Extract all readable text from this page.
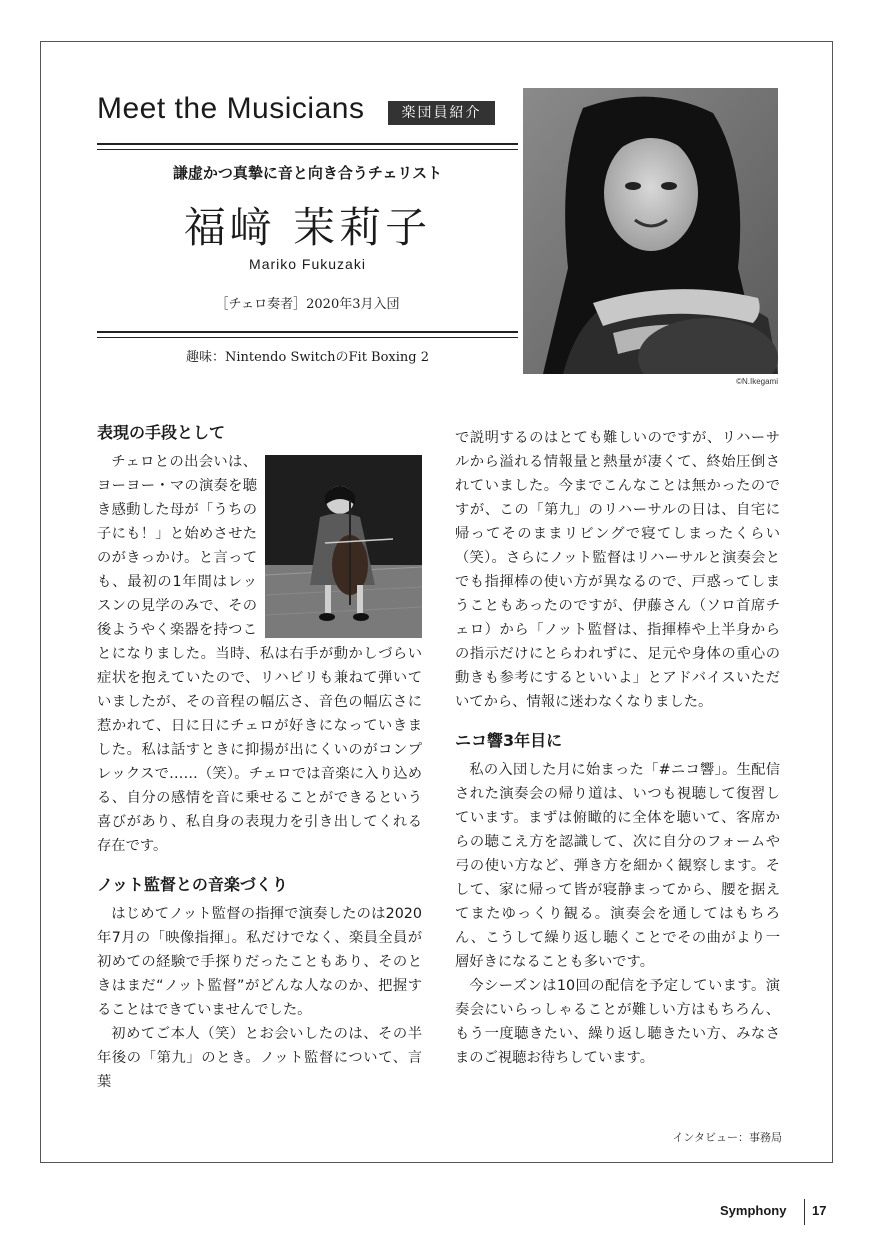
Meet the Musicians	楽団員紹介
謙虚かつ真摯に音と向き合うチェリスト
福﨑 茉莉子
Mariko Fukuzaki
［チェロ奏者］2020年3月入団
趣味：Nintendo SwitchのFit Boxing 2
©N.Ikegami
表現の手段として

チェロとの出会いは、ヨーヨー・マの演奏を聴き感動した母が「うちの子にも！」と始めさせたのがきっかけ。と言っても、最初の1年間はレッスンの見学のみで、その後ようやく楽器を持つことになりました。当時、私は右手が動かしづらい症状を抱えていたので、リハビリも兼ねて弾いていましたが、その音程の幅広さ、音色の幅広さに惹かれて、日に日にチェロが好きになっていきました。私は話すときに抑揚が出にくいのがコンプレックスで……（笑）。チェロでは音楽に入り込める、自分の感情を音に乗せることができるという喜びがあり、私自身の表現力を引き出してくれる存在です。

ノット監督との音楽づくり

はじめてノット監督の指揮で演奏したのは2020年7月の「映像指揮」。私だけでなく、楽員全員が初めての経験で手探りだったこともあり、そのときはまだ“ノット監督”がどんな人なのか、把握することはできていませんでした。

初めてご本人（笑）とお会いしたのは、その半年後の「第九」のとき。ノット監督について、言葉

で説明するのはとても難しいのですが、リハーサルから溢れる情報量と熱量が凄くて、終始圧倒されていました。今までこんなことは無かったのですが、この「第九」のリハーサルの日は、自宅に帰ってそのままリビングで寝てしまったくらい（笑）。さらにノット監督はリハーサルと演奏会とでも指揮棒の使い方が異なるので、戸惑ってしまうこともあったのですが、伊藤さん（ソロ首席チェロ）から「ノット監督は、指揮棒や上半身からの指示だけにとらわれずに、足元や身体の重心の動きも参考にするといいよ」とアドバイスいただいてから、情報に迷わなくなりました。

ニコ響3年目に

私の入団した月に始まった「#ニコ響」。生配信された演奏会の帰り道は、いつも視聴して復習しています。まずは俯瞰的に全体を聴いて、客席からの聴こえ方を認識して、次に自分のフォームや弓の使い方など、弾き方を細かく観察します。そして、家に帰って皆が寝静まってから、腰を据えてまたゆっくり観る。演奏会を通してはもちろん、こうして繰り返し聴くことでその曲がより一層好きになることも多いです。

今シーズンは10回の配信を予定しています。演奏会にいらっしゃることが難しい方はもちろん、もう一度聴きたい、繰り返し聴きたい方、みなさまのご視聴お待ちしています。

インタビュー：事務局
Symphony 17
